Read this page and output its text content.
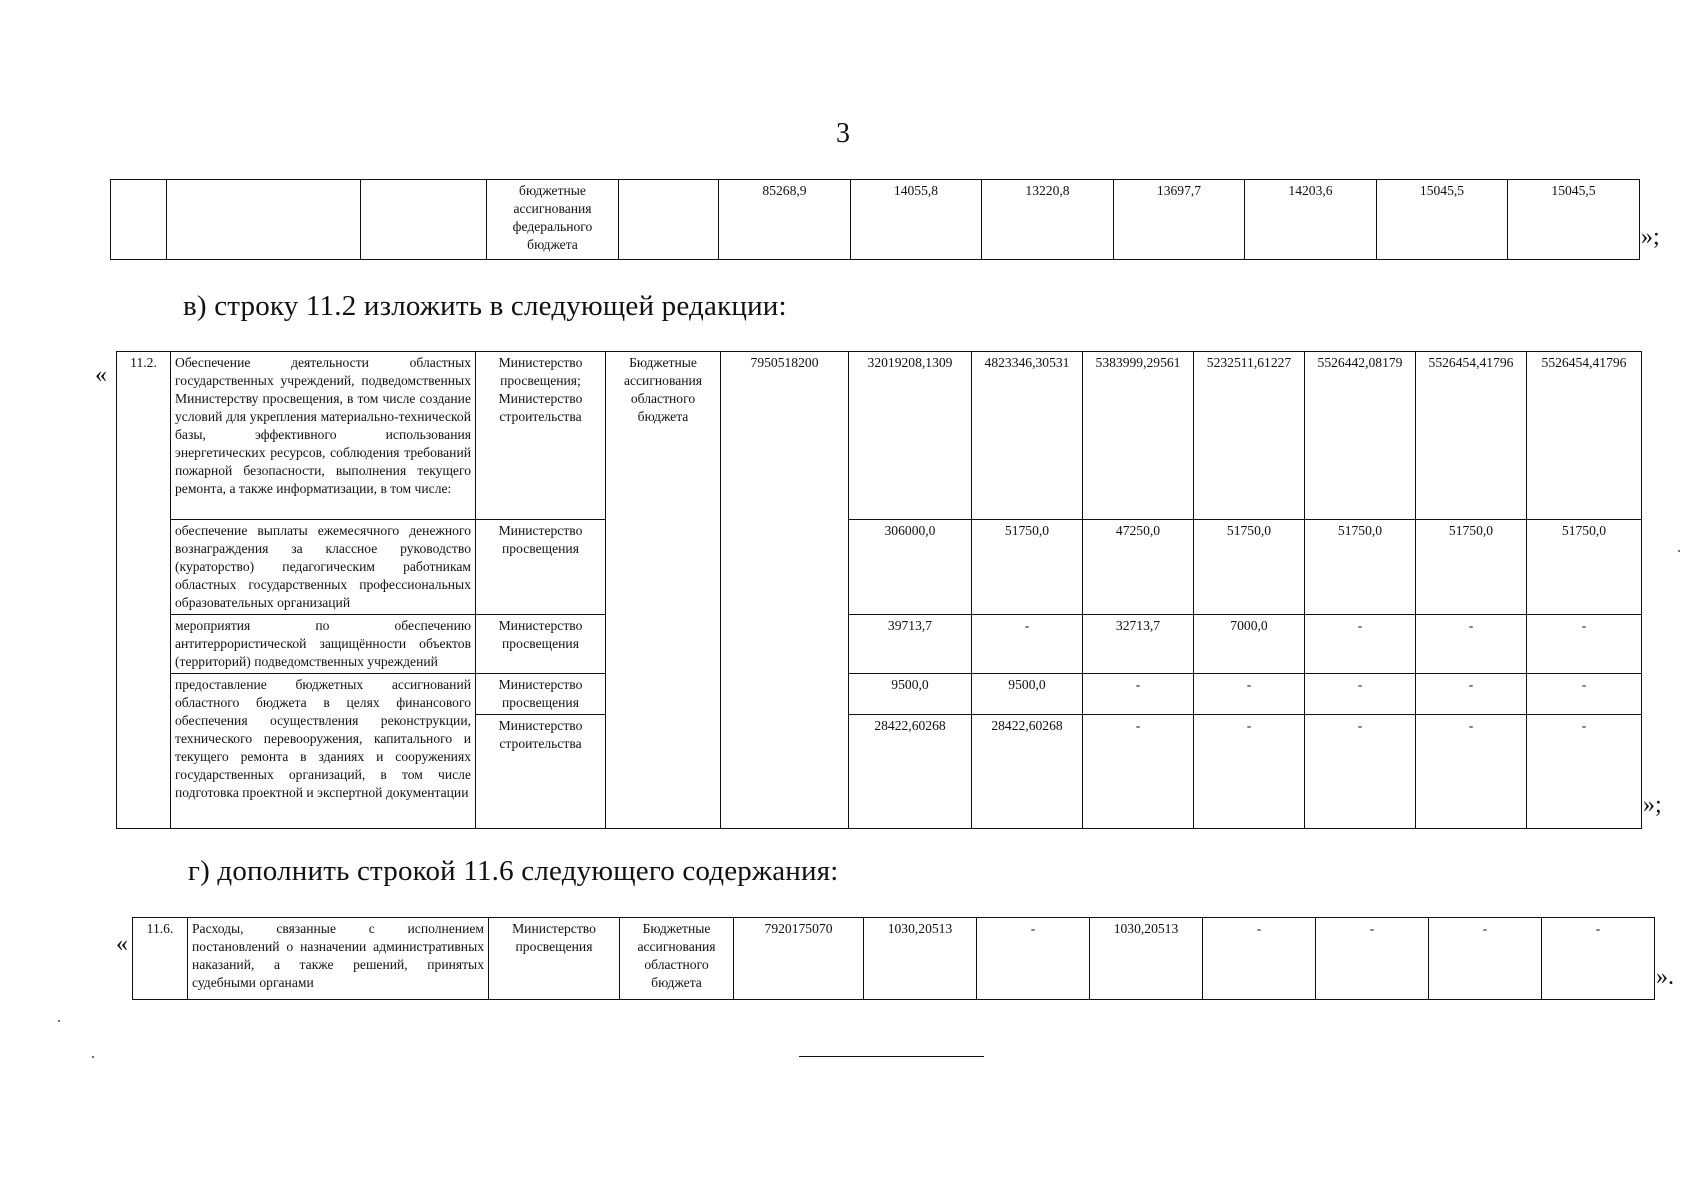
3
			бюджетные ассигнования федерального бюджета		85268,9	14055,8	13220,8	13697,7	14203,6	15045,5	15045,5
»;
в) строку 11.2 изложить в следующей редакции:
« 11.2.	Обеспечение деятельности областных государственных учреждений, подведомственных Министерству просвещения, в том числе создание условий для укрепления материально-технической базы, эффективного использования энергетических ресурсов, соблюдения требований пожарной безопасности, выполнения текущего ремонта, а также информатизации, в том числе:	Министерство просвещения; Министерство строительства	Бюджетные ассигнования областного бюджета	7950518200	32019208,1309	4823346,30531	5383999,29561	5232511,61227	5526442,08179	5526454,41796	5526454,41796
	обеспечение выплаты ежемесячного денежного вознаграждения за классное руководство (кураторство) педагогическим работникам областных государственных профессиональных образовательных организаций	Министерство просвещения			306000,0	51750,0	47250,0	51750,0	51750,0	51750,0	51750,0
	мероприятия по обеспечению антитеррористической защищённости объектов (территорий) подведомственных учреждений	Министерство просвещения			39713,7	-	32713,7	7000,0	-	-	-
	предоставление бюджетных ассигнований областного бюджета в целях финансового обеспечения осуществления реконструкции, технического перевооружения, капитального и текущего ремонта в зданиях и сооружениях государственных организаций, в том числе подготовка проектной и экспертной документации	Министерство просвещения			9500,0	9500,0	-	-	-	-	-
		Министерство строительства			28422,60268	28422,60268	-	-	-	-	-
»;
г) дополнить строкой 11.6 следующего содержания:
«
11.6.	Расходы, связанные с исполнением постановлений о назначении административных наказаний, а также решений, принятых судебными органами	Министерство просвещения	Бюджетные ассигнования областного бюджета	7920175070	1030,20513	-	1030,20513	-	-	-	-
».
